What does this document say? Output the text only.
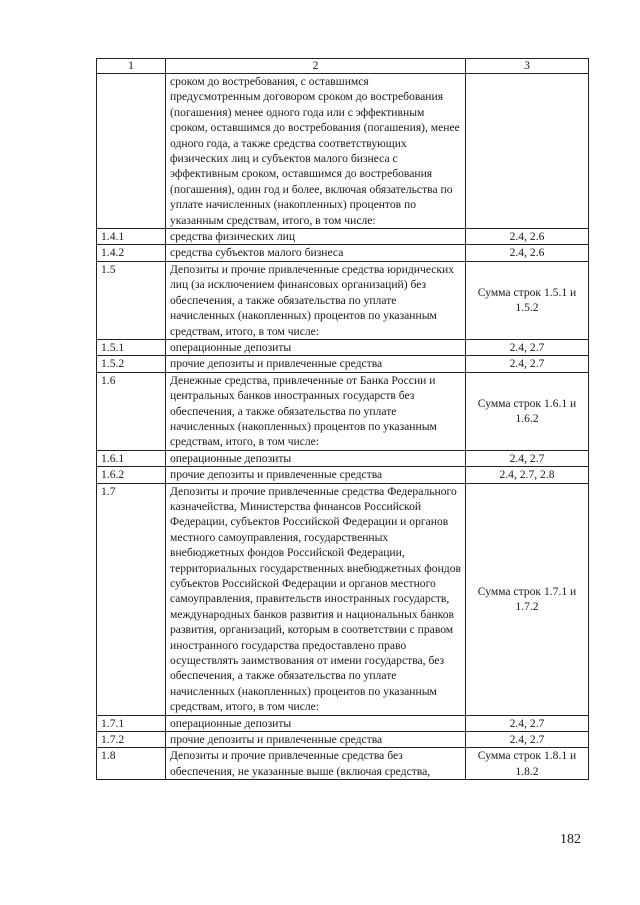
1	2	3
	сроком до востребования, с оставшимся предусмотренным договором сроком до востребования (погашения) менее одного года или с эффективным сроком, оставшимся до востребования (погашения), менее одного года, а также средства соответствующих физических лиц и субъектов малого бизнеса с эффективным сроком, оставшимся до востребования (погашения), один год и более, включая обязательства по уплате начисленных (накопленных) процентов по указанным средствам, итого, в том числе:	
1.4.1	средства физических лиц	2.4, 2.6
1.4.2	средства субъектов малого бизнеса	2.4, 2.6
1.5	Депозиты и прочие привлеченные средства юридических лиц (за исключением финансовых организаций) без обеспечения, а также обязательства по уплате начисленных (накопленных) процентов по указанным средствам, итого, в том числе:	Сумма строк 1.5.1 и 1.5.2
1.5.1	операционные депозиты	2.4, 2.7
1.5.2	прочие депозиты и привлеченные средства	2.4, 2.7
1.6	Денежные средства, привлеченные от Банка России и центральных банков иностранных государств без обеспечения, а также обязательства по уплате начисленных (накопленных) процентов по указанным средствам, итого, в том числе:	Сумма строк 1.6.1 и 1.6.2
1.6.1	операционные депозиты	2.4, 2.7
1.6.2	прочие депозиты и привлеченные средства	2.4, 2.7, 2.8
1.7	Депозиты и прочие привлеченные средства Федерального казначейства, Министерства финансов Российской Федерации, субъектов Российской Федерации и органов местного самоуправления, государственных внебюджетных фондов Российской Федерации, территориальных государственных внебюджетных фондов субъектов Российской Федерации и органов местного самоуправления, правительств иностранных государств, международных банков развития и национальных банков развития, организаций, которым в соответствии с правом иностранного государства предоставлено право осуществлять заимствования от имени государства, без обеспечения, а также обязательства по уплате начисленных (накопленных) процентов по указанным средствам, итого, в том числе:	Сумма строк 1.7.1 и 1.7.2
1.7.1	операционные депозиты	2.4, 2.7
1.7.2	прочие депозиты и привлеченные средства	2.4, 2.7
1.8	Депозиты и прочие привлеченные средства без обеспечения, не указанные выше (включая средства,	Сумма строк 1.8.1 и 1.8.2
182
